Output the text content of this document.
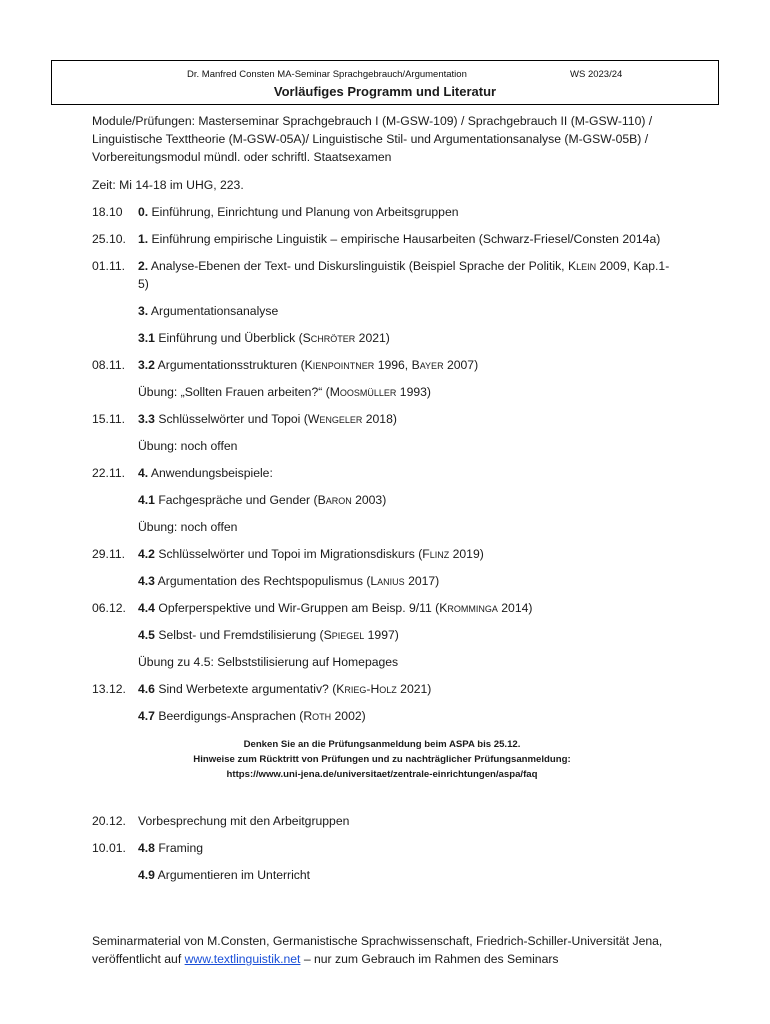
Dr. Manfred Consten MA-Seminar Sprachgebrauch/Argumentation	WS 2023/24
Vorläufiges Programm und Literatur

Module/Prüfungen: Masterseminar Sprachgebrauch I (M-GSW-109) / Sprachgebrauch II (M-GSW-110) / Linguistische Texttheorie (M-GSW-05A)/ Linguistische Stil- und Argumentationsanalyse (M-GSW-05B) / Vorbereitungsmodul mündl. oder schriftl. Staatsexamen

Zeit: Mi 14-18 im UHG, 223.

18.10	0. Einführung, Einrichtung und Planung von Arbeitsgruppen
25.10. 1. Einführung empirische Linguistik – empirische Hausarbeiten (Schwarz-Friesel/Consten 2014a)
01.11.	2. Analyse-Ebenen der Text- und Diskurslinguistik (Beispiel Sprache der Politik, Klein 2009, Kap.1-5)
3. Argumentationsanalyse
3.1 Einführung und Überblick (Schröter 2021)
08.11.	3.2 Argumentationsstrukturen (Kienpointner 1996, Bayer 2007)
Übung: „Sollten Frauen arbeiten?“ (Moosmüller 1993)
15.11.	3.3 Schlüsselwörter und Topoi (Wengeler 2018)
Übung: noch offen
22.11.	4. Anwendungsbeispiele:
4.1 Fachgespräche und Gender (Baron 2003)
Übung: noch offen
29.11.	4.2 Schlüsselwörter und Topoi im Migrationsdiskurs (Flinz 2019)
4.3 Argumentation des Rechtspopulismus (Lanius 2017)
06.12. 4.4 Opferperspektive und Wir-Gruppen am Beisp. 9/11 (Kromminga 2014)
4.5 Selbst- und Fremdstilisierung (Spiegel 1997)
Übung zu 4.5: Selbststilisierung auf Homepages
13.12. 4.6 Sind Werbetexte argumentativ? (Krieg-Holz 2021)
4.7 Beerdigungs-Ansprachen (Roth 2002)
Denken Sie an die Prüfungsanmeldung beim ASPA bis 25.12.
Hinweise zum Rücktritt von Prüfungen und zu nachträglicher Prüfungsanmeldung:
https://www.uni-jena.de/universitaet/zentrale-einrichtungen/aspa/faq
20.12. Vorbesprechung mit den Arbeitgruppen
10.01. 4.8 Framing
4.9 Argumentieren im Unterricht
Seminarmaterial von M.Consten, Germanistische Sprachwissenschaft, Friedrich-Schiller-Universität Jena, veröffentlicht auf www.textlinguistik.net – nur zum Gebrauch im Rahmen des Seminars
